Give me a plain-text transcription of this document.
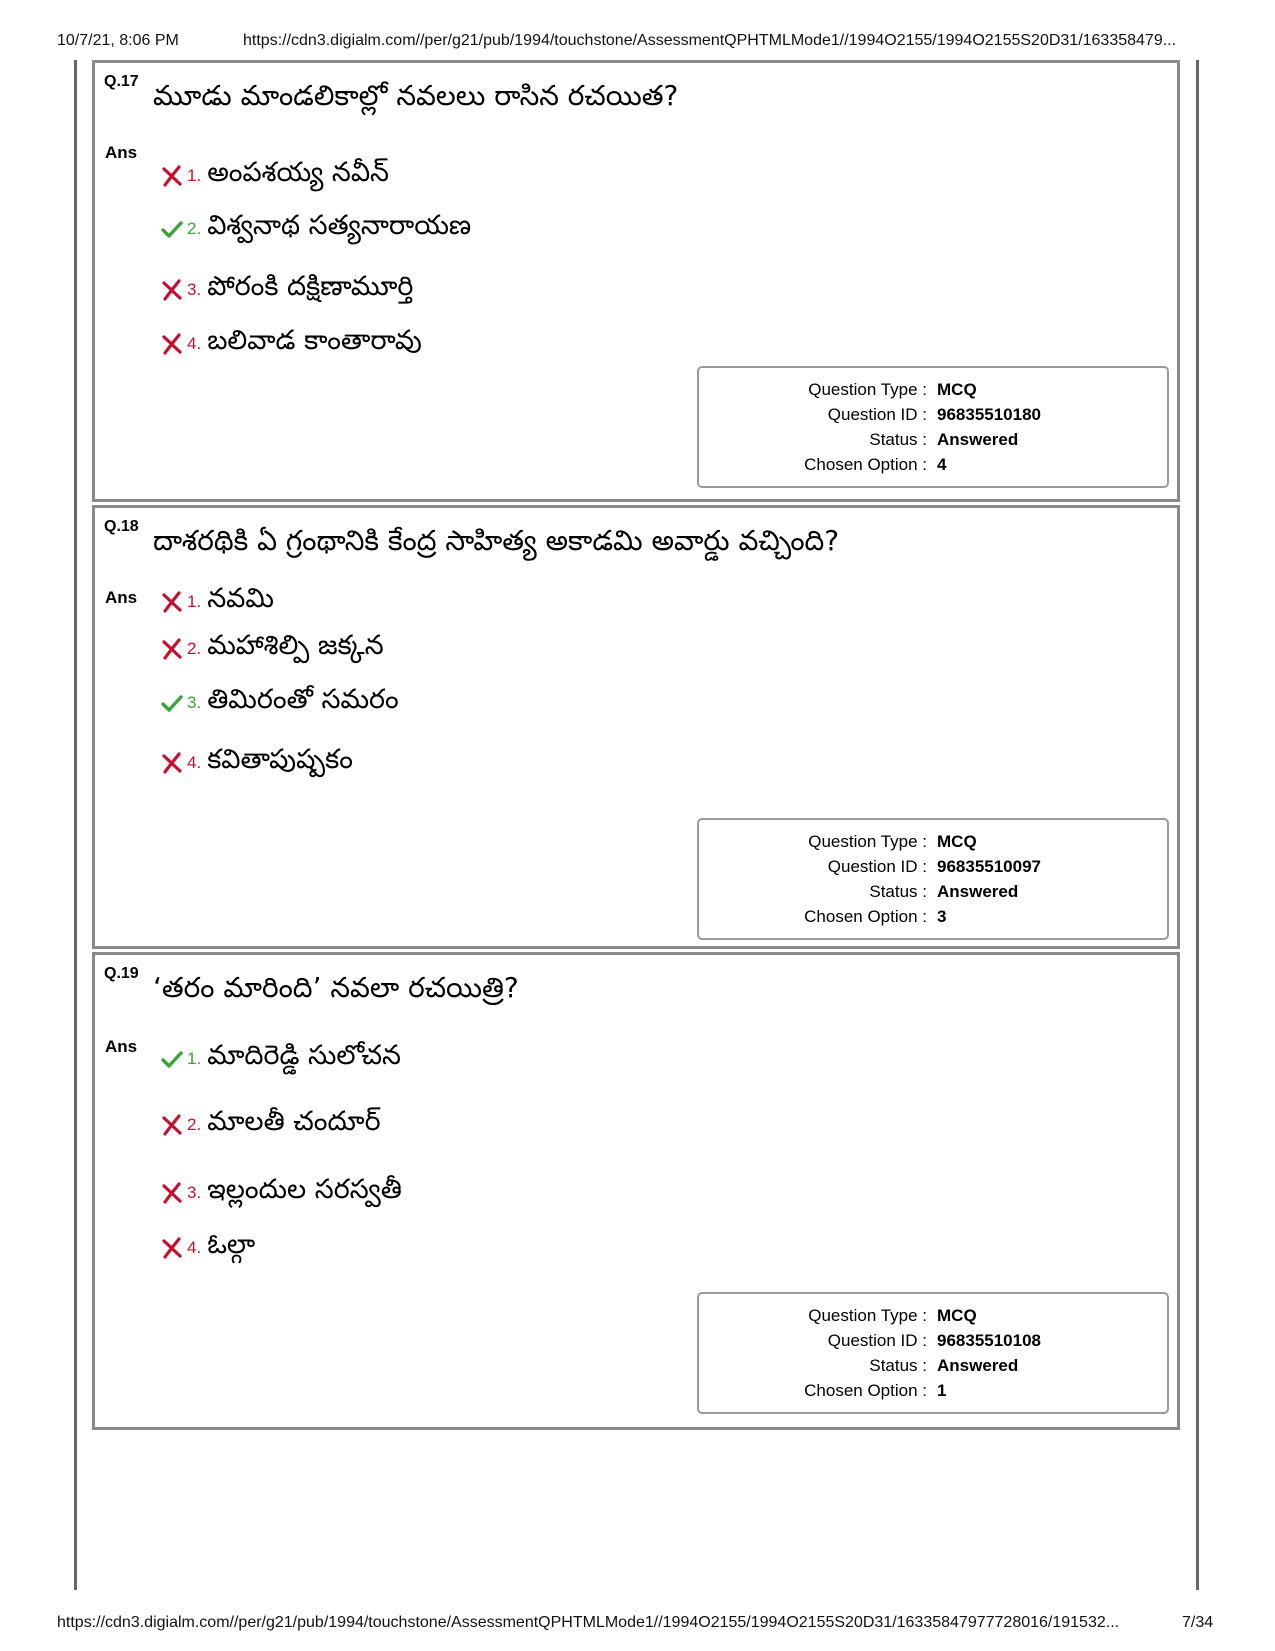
10/7/21, 8:06 PM	https://cdn3.digialm.com//per/g21/pub/1994/touchstone/AssessmentQPHTMLMode1//1994O2155/1994O2155S20D31/163358479...
Q.17 మూడు మాండలికాల్లో నవలలు రాసిన రచయిత?
Ans
1. అంపశయ్య నవీన్
2. విశ్వనాథ సత్యనారాయణ
3. పోరంకి దక్షిణామూర్తి
4. బలివాడ కాంతారావు
Question Type : MCQ
Question ID : 96835510180
Status : Answered
Chosen Option : 4
Q.18 దాశరథికి ఏ గ్రంథానికి కేంద్ర సాహిత్య అకాడమి అవార్డు వచ్చింది?
Ans	1. నవమి
2. మహాశిల్పి జక్కన
3. తిమిరంతో సమరం
4. కవితాపుష్పకం
Question Type : MCQ
Question ID : 96835510097
Status : Answered
Chosen Option : 3
Q.19 ‘తరం మారింది’ నవలా రచయిత్రి?
Ans
1. మాదిరెడ్డి సులోచన
2. మాలతీ చందూర్
3. ఇల్లందుల సరస్వతీ
4. ఓల్గా
Question Type : MCQ
Question ID : 96835510108
Status : Answered
Chosen Option : 1
https://cdn3.digialm.com//per/g21/pub/1994/touchstone/AssessmentQPHTMLMode1//1994O2155/1994O2155S20D31/16335847977728016/191532...	7/34
